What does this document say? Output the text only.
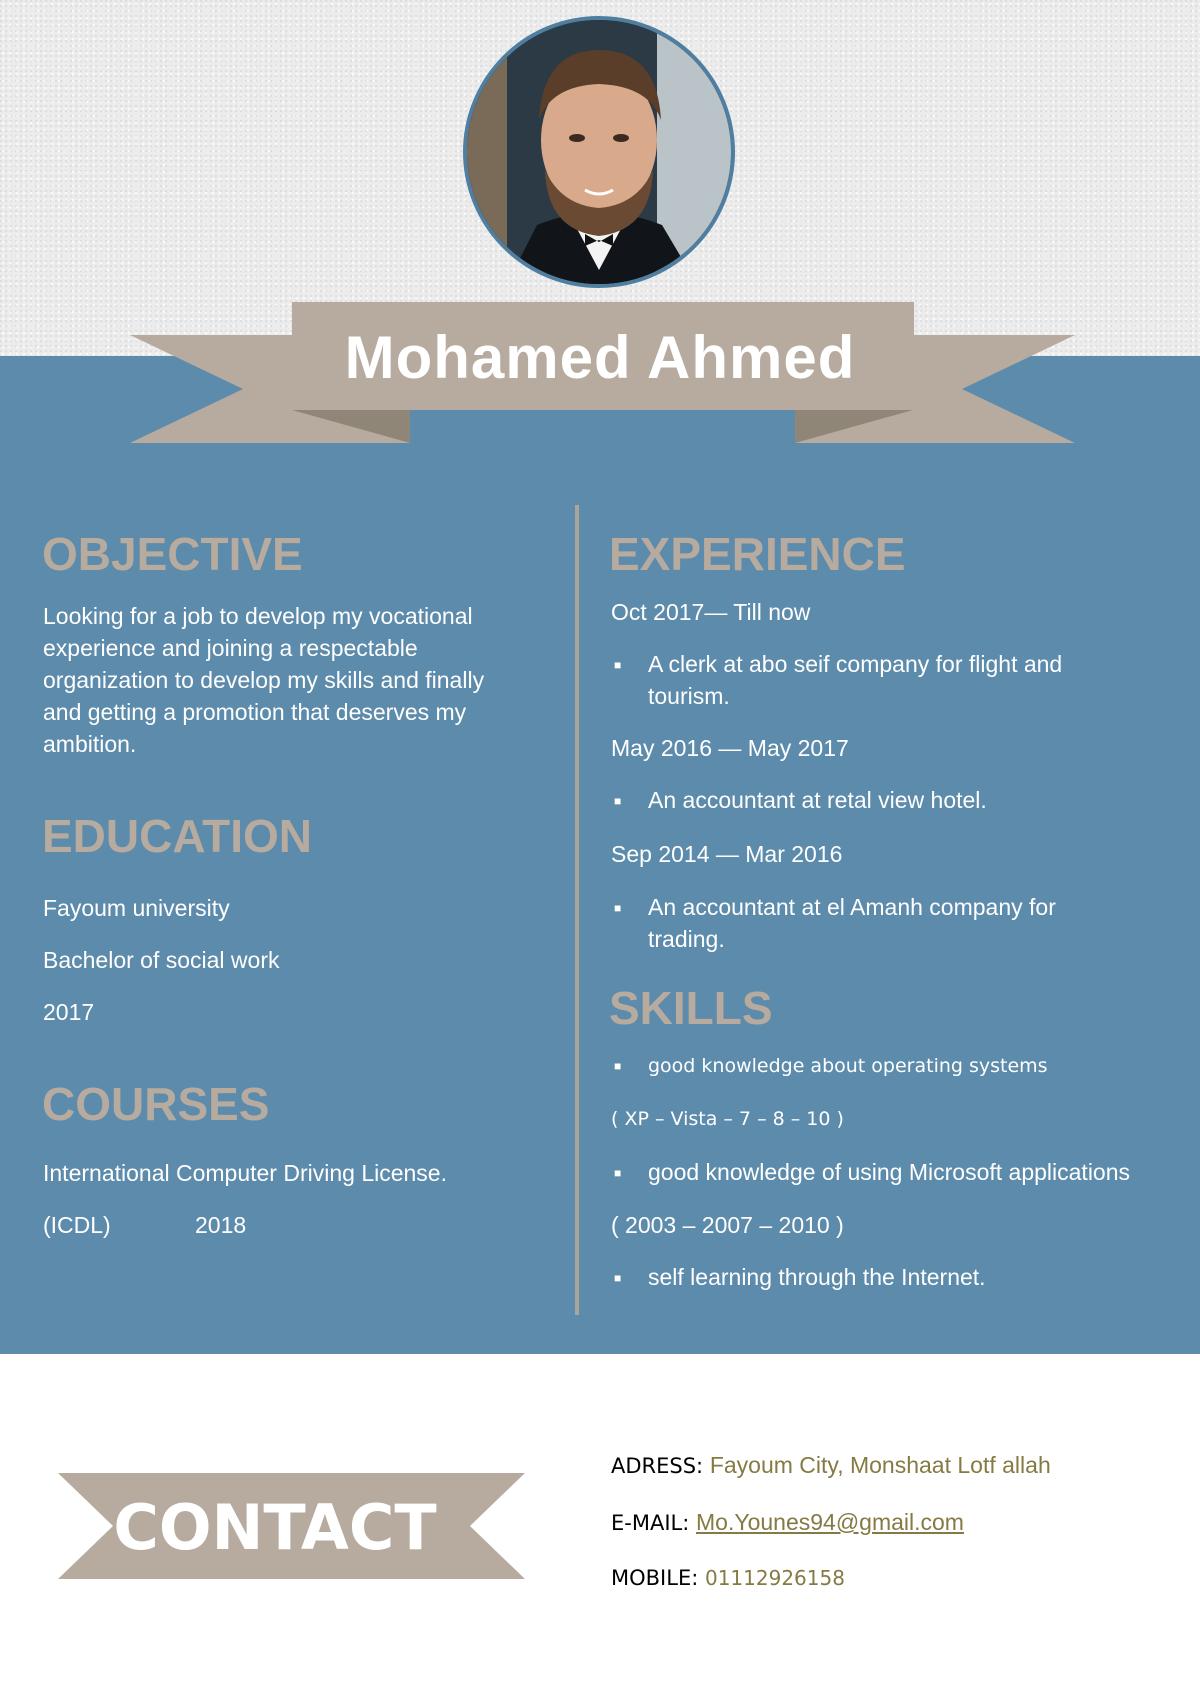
Mohamed Ahmed
OBJECTIVE

Looking for a job to develop my vocational

experience and joining a respectable

organization to develop my skills and finally

and getting a promotion that deserves my

ambition.

EDUCATION

Fayoum university

Bachelor of social work

2017

COURSES

International Computer Driving License.

(ICDL)	2018

EXPERIENCE

Oct 2017— Till now

■ A clerk at abo seif company for flight and

tourism.

May 2016 — May 2017

■ An accountant at retal view hotel.

Sep 2014 — Mar 2016

■ An accountant at el Amanh company for

trading.

SKILLS
■ good knowledge about operating systems

( XP – Vista – 7 – 8 – 10 )

■ good knowledge of using Microsoft applications

( 2003 – 2007 – 2010 )

■ self learning through the Internet.

CONTACT
ADRESS: Fayoum City, Monshaat Lotf allah
E-MAIL: Mo.Younes94@gmail.com
MOBILE: 01112926158
